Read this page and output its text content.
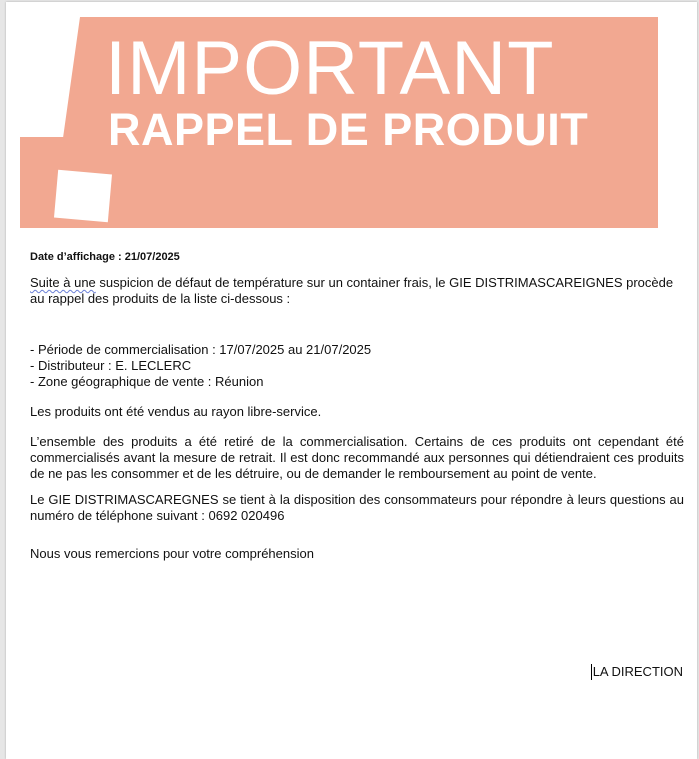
IMPORTANT
RAPPEL DE PRODUIT
Date d’affichage : 21/07/2025
Suite à une suspicion de défaut de température sur un container frais, le GIE DISTRIMASCAREIGNES procède au rappel des produits de la liste ci-dessous :
- Période de commercialisation : 17/07/2025 au 21/07/2025
- Distributeur : E. LECLERC
- Zone géographique de vente : Réunion
Les produits ont été vendus au rayon libre-service.
L’ensemble des produits a été retiré de la commercialisation. Certains de ces produits ont cependant été commercialisés avant la mesure de retrait. Il est donc recommandé aux personnes qui détiendraient ces produits de ne pas les consommer et de les détruire, ou de demander le remboursement au point de vente.
Le GIE DISTRIMASCAREGNES se tient à la disposition des consommateurs pour répondre à leurs questions au numéro de téléphone suivant : 0692 020496
Nous vous remercions pour votre compréhension
LA DIRECTION
